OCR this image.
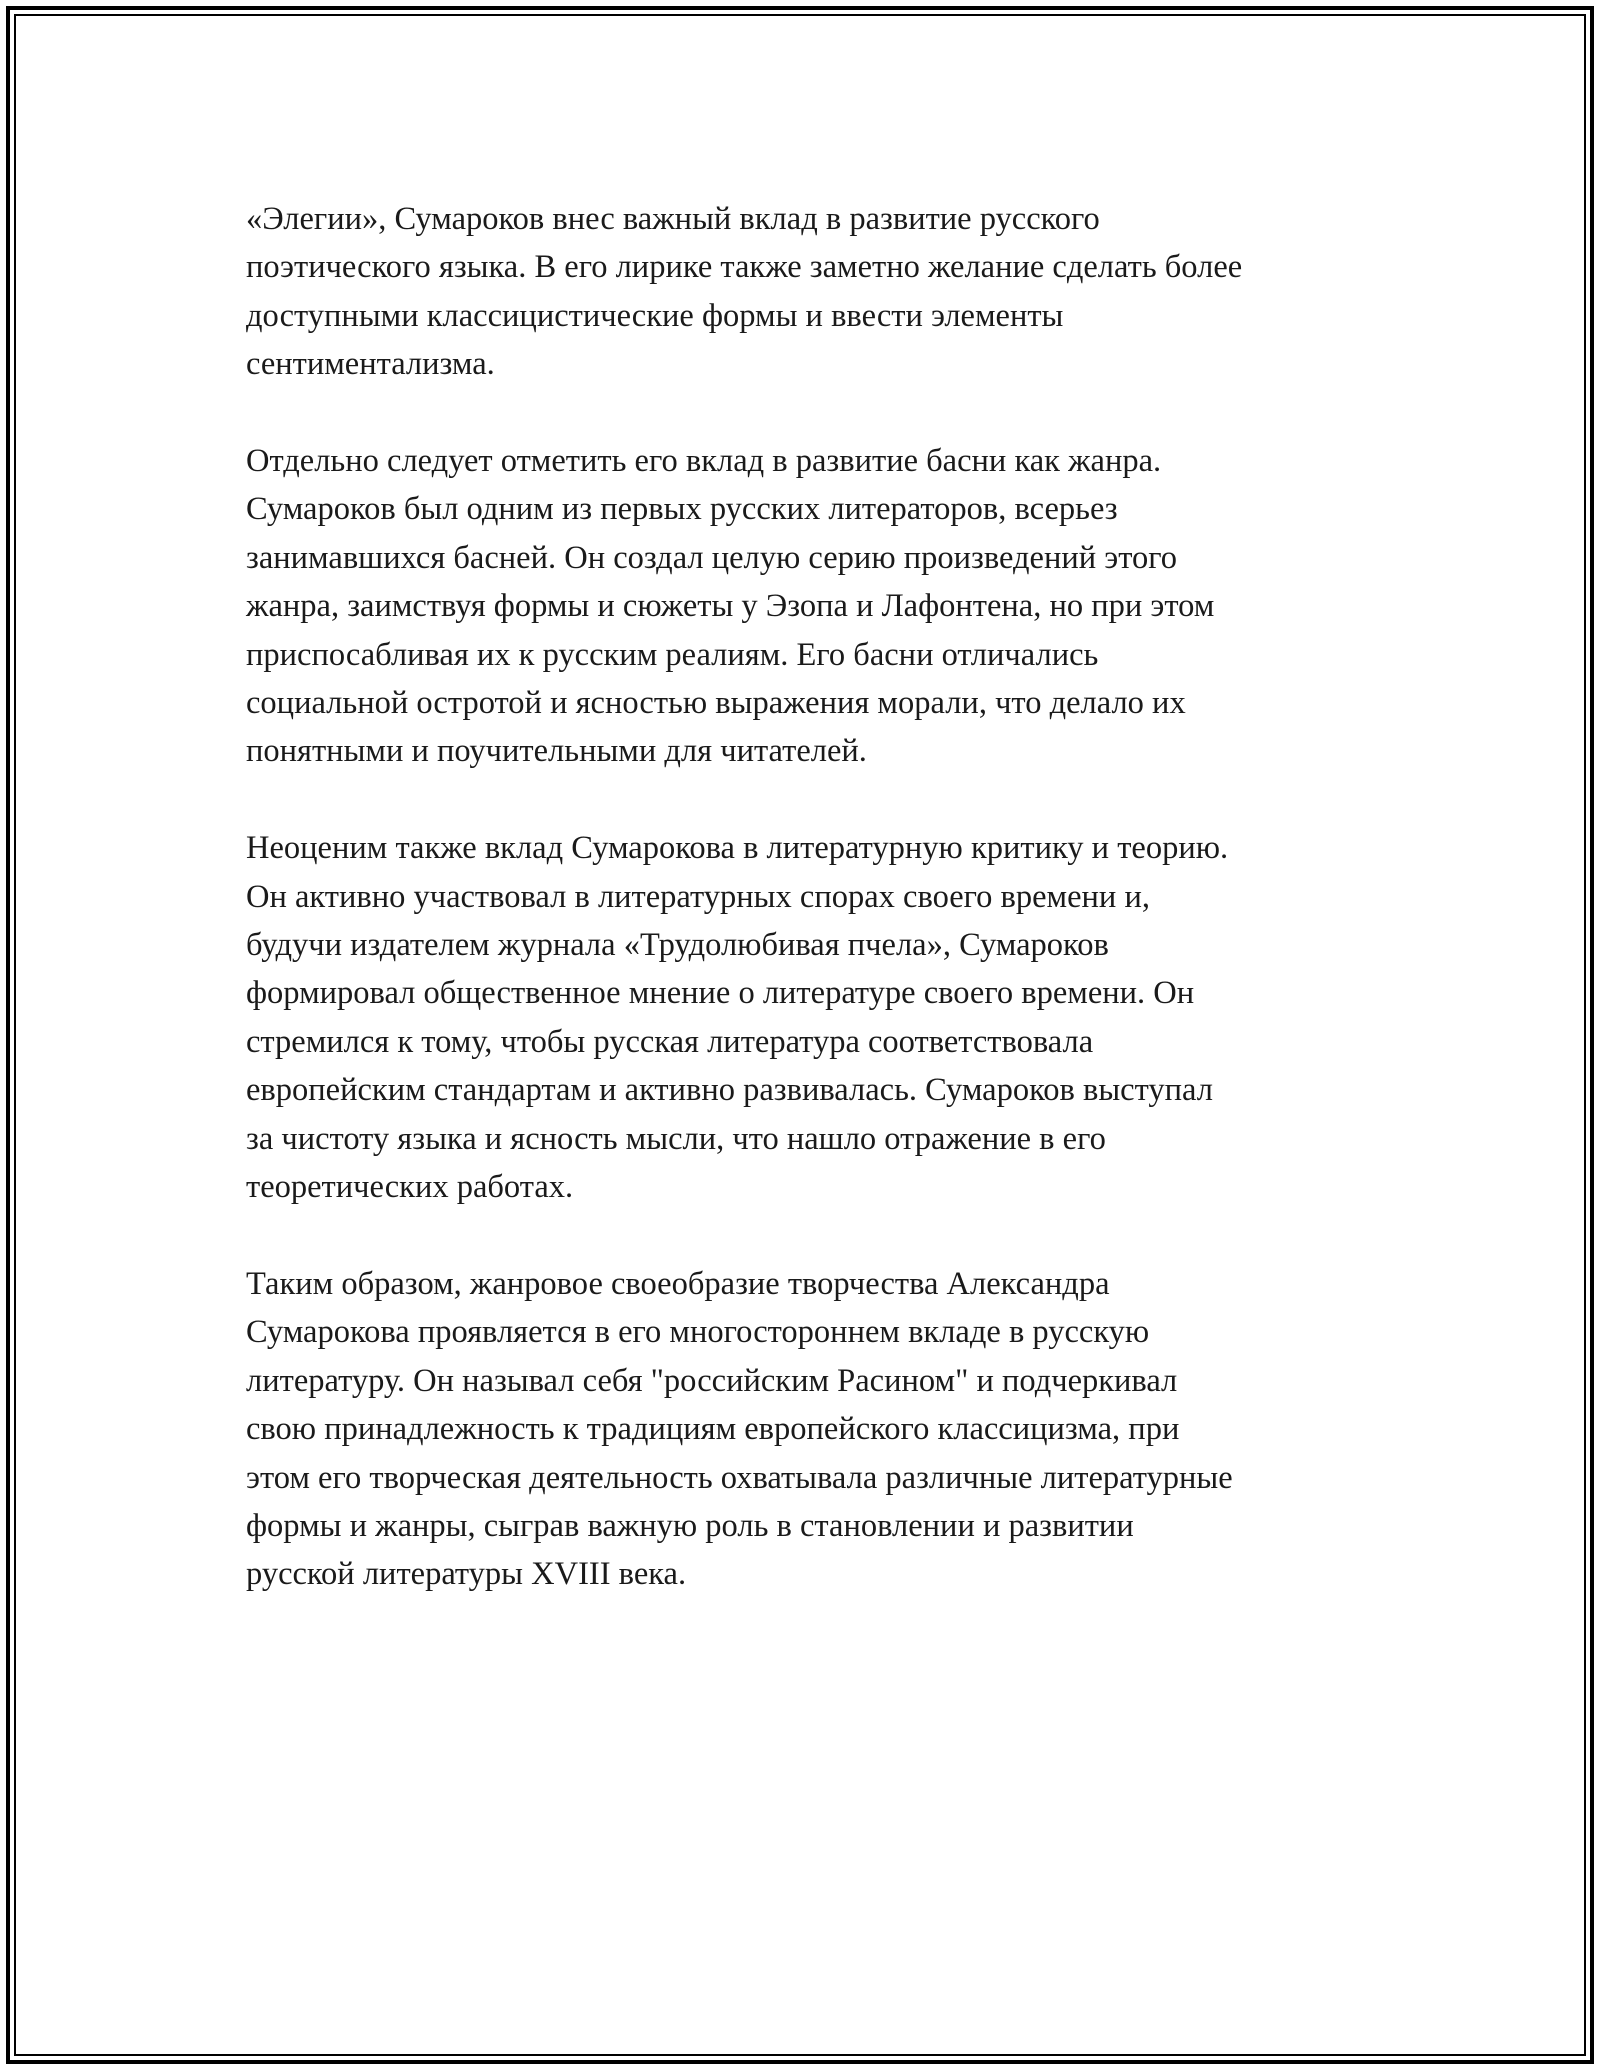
«Элегии», Сумароков внес важный вклад в развитие русского
поэтического языка. В его лирике также заметно желание сделать более
доступными классицистические формы и ввести элементы
сентиментализма.

Отдельно следует отметить его вклад в развитие басни как жанра.
Сумароков был одним из первых русских литераторов, всерьез
занимавшихся басней. Он создал целую серию произведений этого
жанра, заимствуя формы и сюжеты у Эзопа и Лафонтена, но при этом
приспосабливая их к русским реалиям. Его басни отличались
социальной остротой и ясностью выражения морали, что делало их
понятными и поучительными для читателей.

Неоценим также вклад Сумарокова в литературную критику и теорию.
Он активно участвовал в литературных спорах своего времени и,
будучи издателем журнала «Трудолюбивая пчела», Сумароков
формировал общественное мнение о литературе своего времени. Он
стремился к тому, чтобы русская литература соответствовала
европейским стандартам и активно развивалась. Сумароков выступал
за чистоту языка и ясность мысли, что нашло отражение в его
теоретических работах.

Таким образом, жанровое своеобразие творчества Александра
Сумарокова проявляется в его многостороннем вкладе в русскую
литературу. Он называл себя "российским Расином" и подчеркивал
свою принадлежность к традициям европейского классицизма, при
этом его творческая деятельность охватывала различные литературные
формы и жанры, сыграв важную роль в становлении и развитии
русской литературы XVIII века.
